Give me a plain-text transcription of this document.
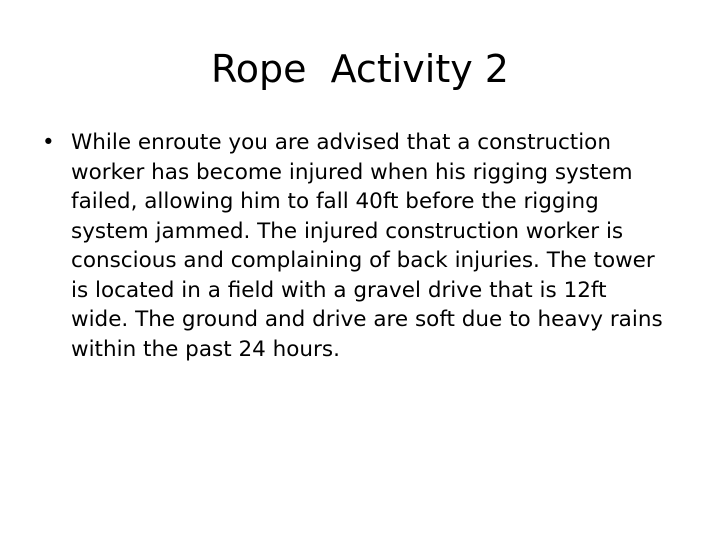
Rope  Activity 2
• While enroute you are advised that a construction worker has become injured when his rigging system failed, allowing him to fall 40ft before the rigging system jammed. The injured construction worker is conscious and complaining of back injuries. The tower is located in a field with a gravel drive that is 12ft wide. The ground and drive are soft due to heavy rains within the past 24 hours.
